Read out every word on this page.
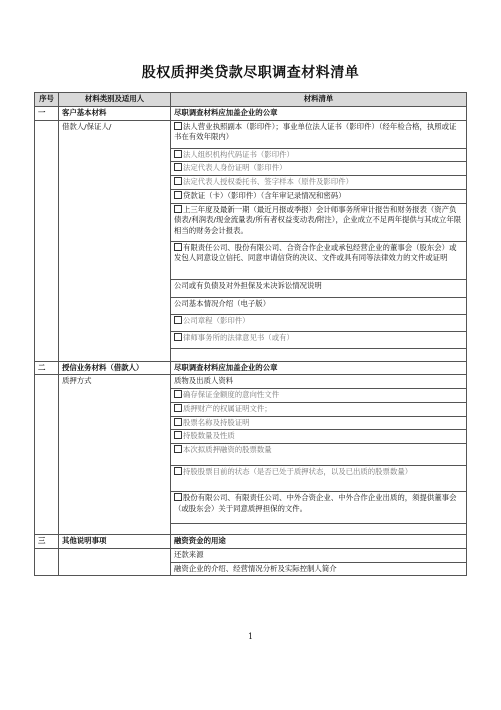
股权质押类贷款尽职调查材料清单
序号	材料类别及适用人	材料清单
一	客户基本材料	尽职调查材料应加盖企业的公章
	借款人/保证人/	法人营业执照副本（影印件）；事业单位法人证书（影印件）（经年检合格，执照或证书在有效年限内）
		法人组织机构代码证书（影印件）
		法定代表人身份证明（影印件）
		法定代表人授权委托书、签字样本（原件及影印件）
		贷款证（卡）（影印件）（含年审记录情况和密码）
		上三年度及最新一期（最近月报或季报）会计师事务所审计报告和财务报表（资产负债表/利润表/现金流量表/所有者权益变动表/附注），企业成立不足两年提供与其成立年限相当的财务会计报表。
		有限责任公司、股份有限公司、合资合作企业或承包经营企业的董事会（股东会）或发包人同意设立信托、同意申请信贷的决议、文件或具有同等法律效力的文件或证明
		公司或有负债及对外担保及未决诉讼情况说明
		公司基本情况介绍（电子版）
		公司章程（影印件）
		律师事务所的法律意见书（或有）

二	授信业务材料（借款人）	尽职调查材料应加盖企业的公章
	质押方式	质物及出质人资料
		确存保证金额度的意向性文件
		质押财产的权属证明文件；
		股票名称及持股证明
		持股数量及性质
		本次拟质押融资的股票数量
		持股股票目前的状态（是否已处于质押状态，以及已出质的股票数量）
		股份有限公司、有限责任公司、中外合资企业、中外合作企业出质的，须提供董事会（或股东会）关于同意质押担保的文件。

三	其他说明事项	融资资金的用途
		还款来源
		融资企业的介绍、经营情况分析及实际控制人简介
1
